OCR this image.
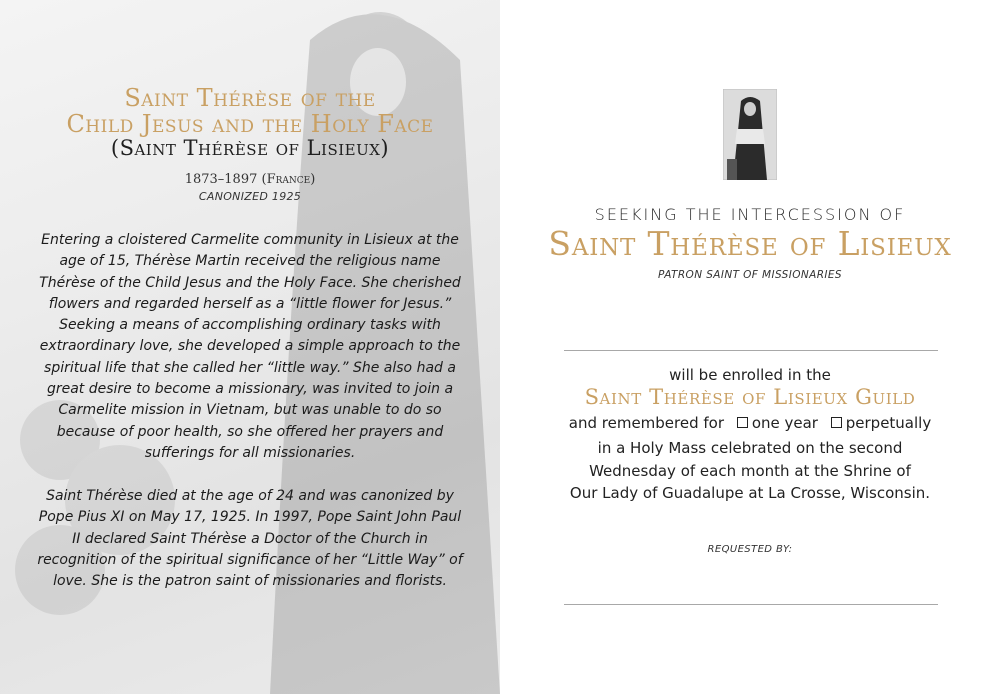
Saint Thérèse of the
Child Jesus and the Holy Face
(Saint Thérèse of Lisieux)
1873–1897 (France)
CANONIZED 1925

Entering a cloistered Carmelite community in Lisieux at the age of 15, Thérèse Martin received the religious name Thérèse of the Child Jesus and the Holy Face. She cherished flowers and regarded herself as a “little flower for Jesus.” Seeking a means of accomplishing ordinary tasks with extraordinary love, she developed a simple approach to the spiritual life that she called her “little way.” She also had a great desire to become a missionary, was invited to join a Carmelite mission in Vietnam, but was unable to do so because of poor health, so she offered her prayers and sufferings for all missionaries.

Saint Thérèse died at the age of 24 and was canonized by Pope Pius XI on May 17, 1925. In 1997, Pope Saint John Paul II declared Saint Thérèse a Doctor of the Church in recognition of the spiritual significance of her “Little Way” of love. She is the patron saint of missionaries and florists.

SEEKING THE INTERCESSION OF
Saint Thérèse of Lisieux
PATRON SAINT OF MISSIONARIES
will be enrolled in the
Saint Thérèse of Lisieux Guild
and remembered for one year perpetually
in a Holy Mass celebrated on the second
Wednesday of each month at the Shrine of
Our Lady of Guadalupe at La Crosse, Wisconsin.
REQUESTED BY:
